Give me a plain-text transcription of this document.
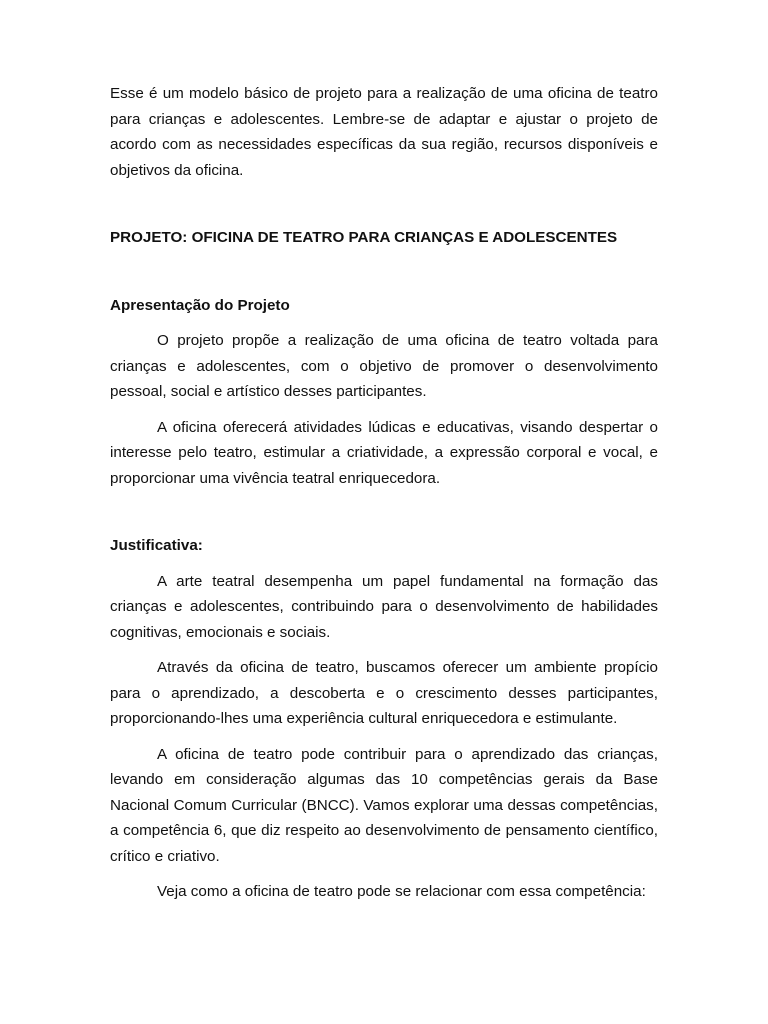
Esse é um modelo básico de projeto para a realização de uma oficina de teatro para crianças e adolescentes. Lembre-se de adaptar e ajustar o projeto de acordo com as necessidades específicas da sua região, recursos disponíveis e objetivos da oficina.

PROJETO: OFICINA DE TEATRO PARA CRIANÇAS E ADOLESCENTES
Apresentação do Projeto

O projeto propõe a realização de uma oficina de teatro voltada para crianças e adolescentes, com o objetivo de promover o desenvolvimento pessoal, social e artístico desses participantes.

A oficina oferecerá atividades lúdicas e educativas, visando despertar o interesse pelo teatro, estimular a criatividade, a expressão corporal e vocal, e proporcionar uma vivência teatral enriquecedora.

Justificativa:

A arte teatral desempenha um papel fundamental na formação das crianças e adolescentes, contribuindo para o desenvolvimento de habilidades cognitivas, emocionais e sociais.

Através da oficina de teatro, buscamos oferecer um ambiente propício para o aprendizado, a descoberta e o crescimento desses participantes, proporcionando-lhes uma experiência cultural enriquecedora e estimulante.

A oficina de teatro pode contribuir para o aprendizado das crianças, levando em consideração algumas das 10 competências gerais da Base Nacional Comum Curricular (BNCC). Vamos explorar uma dessas competências, a competência 6, que diz respeito ao desenvolvimento de pensamento científico, crítico e criativo.

Veja como a oficina de teatro pode se relacionar com essa competência:
